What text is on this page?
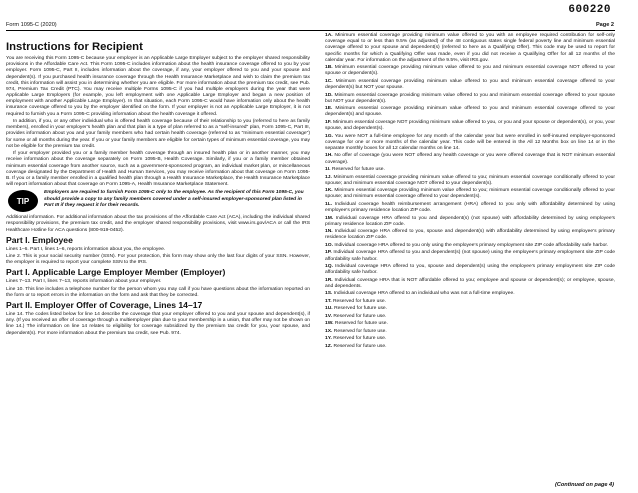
600220
Form 1095-C (2020)	Page 2
Instructions for Recipient

You are receiving this Form 1095-C because your employer is an Applicable Large Employer subject to the employer shared responsibility provisions in the Affordable Care Act. This Form 1095-C includes information about the health insurance coverage offered to you by your employer. Form 1095-C, Part II, includes information about the coverage, if any, your employer offered to you and your spouse and dependent(s). If you purchased health insurance coverage through the Health Insurance Marketplace and wish to claim the premium tax credit, this information will assist you in determining whether you are eligible. For more information about the premium tax credit, see Pub. 974, Premium Tax Credit (PTC). You may receive multiple Forms 1095-C if you had multiple employers during the year that were Applicable Large Employers (for example, you left employment with one Applicable Large Employer and began a new position of employment with another Applicable Large Employer). In that situation, each Form 1095-C would have information only about the health insurance coverage offered to you by the employer identified on the form. If your employer is not an Applicable Large Employer, it is not required to furnish you a Form 1095-C providing information about the health coverage it offered.

In addition, if you, or any other individual who is offered health coverage because of their relationship to you (referred to here as family members), enrolled in your employer's health plan and that plan is a type of plan referred to as a "self-insured" plan, Form 1095-C, Part III, provides information about you and your family members who had certain health coverage (referred to as "minimum essential coverage") for some or all months during the year. If you or your family members are eligible for certain types of minimum essential coverage, you may not be eligible for the premium tax credit.

If your employer provided you or a family member health coverage through an insured health plan or in another manner, you may receive information about the coverage separately on Form 1095-B, Health Coverage. Similarly, if you or a family member obtained minimum essential coverage from another source, such as a government-sponsored program, an individual market plan, or miscellaneous coverage designated by the Department of Health and Human Services, you may receive information about that coverage on Form 1095-B. If you or a family member enrolled in a qualified health plan through a Health Insurance Marketplace, the Health Insurance Marketplace will report information about that coverage on Form 1095-A, Health Insurance Marketplace Statement.

TIP
Employers are required to furnish Form 1095-C only to the employee. As the recipient of this Form 1095-C, you should provide a copy to any family members covered under a self-insured employer-sponsored plan listed in Part III if they request it for their records.

Additional information. For additional information about the tax provisions of the Affordable Care Act (ACA), including the individual shared responsibility provisions, the premium tax credit, and the employer shared responsibility provisions, visit www.irs.gov/ACA or call the IRS Healthcare Hotline for ACA questions (800-919-0452).

Part I. Employee

Lines 1–6. Part I, lines 1–6, reports information about you, the employee.

Line 2. This is your social security number (SSN). For your protection, this form may show only the last four digits of your SSN. However, the employer is required to report your complete SSN to the IRS.

Part I. Applicable Large Employer Member (Employer)

Lines 7–13. Part I, lines 7–13, reports information about your employer.

Line 10. This line includes a telephone number for the person whom you may call if you have questions about the information reported on the form or to report errors in the information on the form and ask that they be corrected.

Part II. Employer Offer of Coverage, Lines 14–17

Line 14. The codes listed below for line 14 describe the coverage that your employer offered to you and your spouse and dependent(s), if any. (If you received an offer of coverage through a multiemployer plan due to your membership in a union, that offer may not be shown on line 14.) The information on line 14 relates to eligibility for coverage subsidized by the premium tax credit for you, your spouse, and dependent(s). For more information about the premium tax credit, see Pub. 974.

1A. Minimum essential coverage providing minimum value offered to you with an employee required contribution for self-only coverage equal to or less than 9.5% (as adjusted) of the 48 contiguous states single federal poverty line and minimum essential coverage offered to your spouse and dependent(s) (referred to here as a Qualifying Offer). This code may be used to report for specific months for which a Qualifying Offer was made, even if you did not receive a Qualifying Offer for all 12 months of the calendar year. For information on the adjustment of the 9.5%, visit IRS.gov.

1B. Minimum essential coverage providing minimum value offered to you and minimum essential coverage NOT offered to your spouse or dependent(s).

1C. Minimum essential coverage providing minimum value offered to you and minimum essential coverage offered to your dependent(s) but NOT your spouse.

1D. Minimum essential coverage providing minimum value offered to you and minimum essential coverage offered to your spouse but NOT your dependent(s).

1E. Minimum essential coverage providing minimum value offered to you and minimum essential coverage offered to your dependent(s) and spouse.

1F. Minimum essential coverage NOT providing minimum value offered to you, or you and your spouse or dependent(s), or you, your spouse, and dependent(s).

1G. You were NOT a full-time employee for any month of the calendar year but were enrolled in self-insured employer-sponsored coverage for one or more months of the calendar year. This code will be entered in the All 12 Months box on line 14 or in the separate monthly boxes for all 12 calendar months on line 14.

1H. No offer of coverage (you were NOT offered any health coverage or you were offered coverage that is NOT minimum essential coverage).

1I. Reserved for future use.

1J. Minimum essential coverage providing minimum value offered to you; minimum essential coverage conditionally offered to your spouse; and minimum essential coverage NOT offered to your dependent(s).

1K. Minimum essential coverage providing minimum value offered to you; minimum essential coverage conditionally offered to your spouse; and minimum essential coverage offered to your dependent(s).

1L. Individual coverage health reimbursement arrangement (HRA) offered to you only with affordability determined by using employee's primary residence location ZIP code.

1M. Individual coverage HRA offered to you and dependent(s) (not spouse) with affordability determined by using employee's primary residence location ZIP code.

1N. Individual coverage HRA offered to you, spouse and dependent(s) with affordability determined by using employee's primary residence location ZIP code.

1O. Individual coverage HRA offered to you only using the employee's primary employment site ZIP code affordability safe harbor.

1P. Individual coverage HRA offered to you and dependent(s) (not spouse) using the employee's primary employment site ZIP code affordability safe harbor.

1Q. Individual coverage HRA offered to you, spouse and dependent(s) using the employee's primary employment site ZIP code affordability safe harbor.

1R. Individual coverage HRA that is NOT affordable offered to you; employee and spouse or dependent(s); or employee, spouse, and dependents.

1S. Individual coverage HRA offered to an individual who was not a full-time employee.

1T. Reserved for future use.

1U. Reserved for future use.

1V. Reserved for future use.

1W. Reserved for future use.

1X. Reserved for future use.

1Y. Reserved for future use.

1Z. Reserved for future use.

(Continued on page 4)
